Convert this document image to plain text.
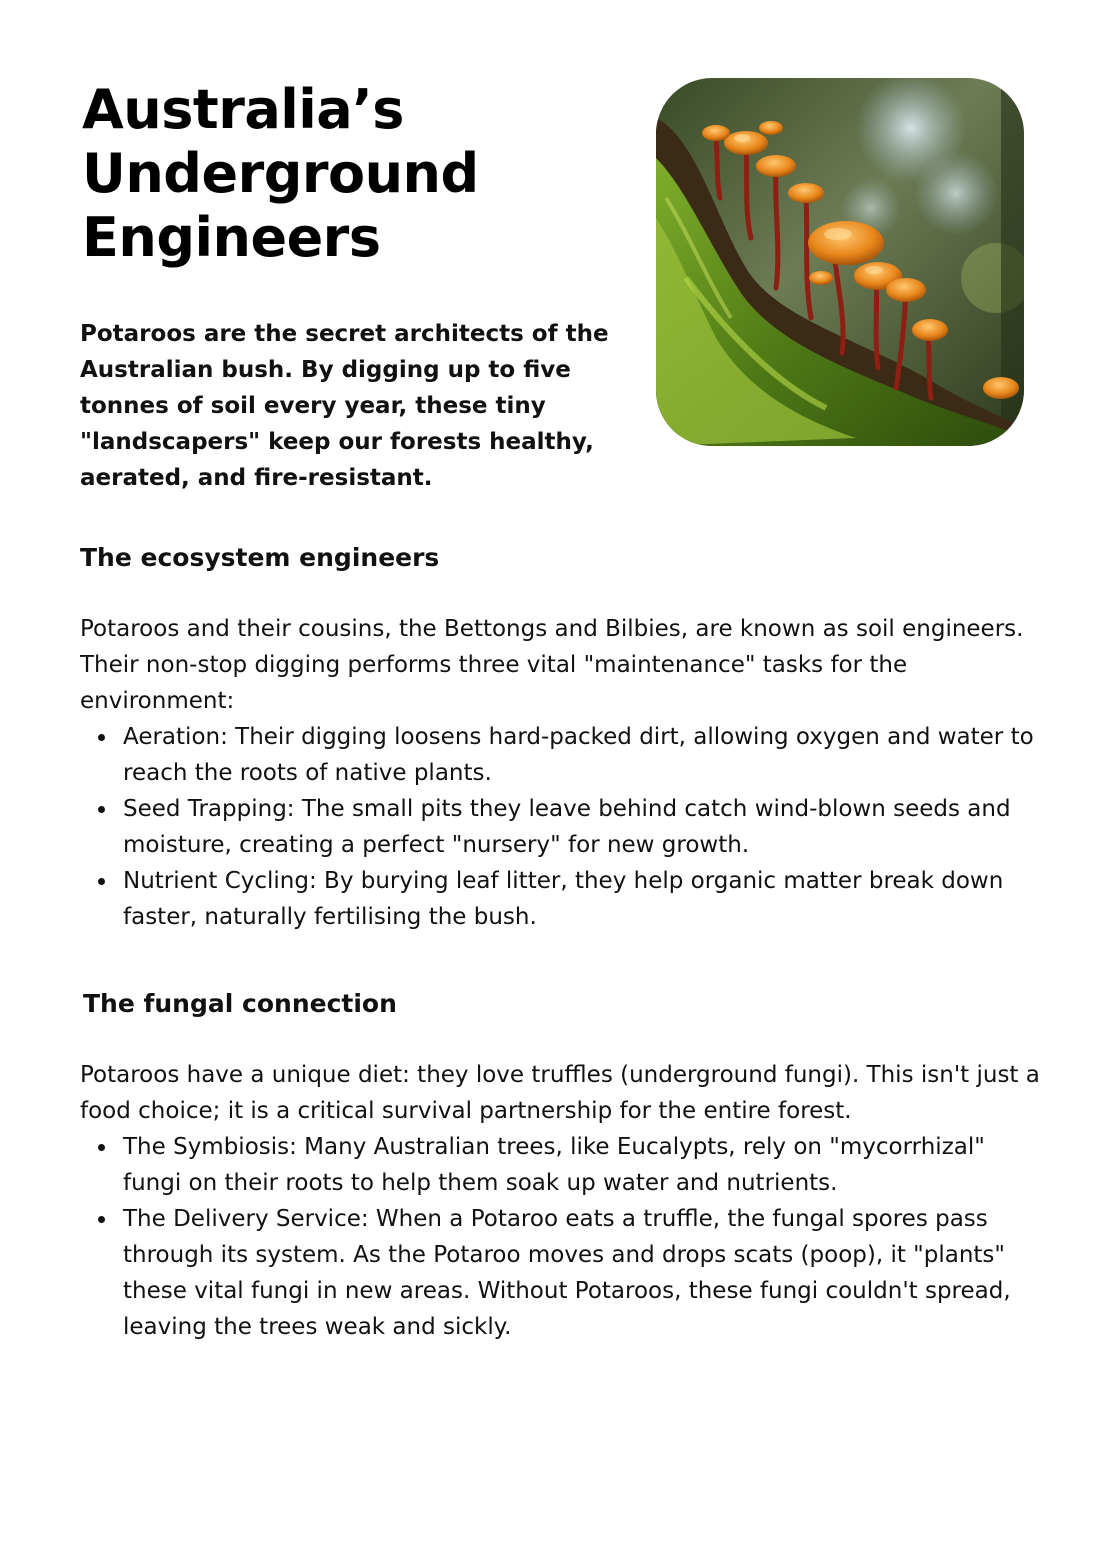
Australia’s
Underground
Engineers

Potaroos are the secret architects of the Australian bush. By digging up to five tonnes of soil every year, these tiny "landscapers" keep our forests healthy, aerated, and fire-resistant.

The ecosystem engineers

Potaroos and their cousins, the Bettongs and Bilbies, are known as soil engineers. Their non-stop digging performs three vital "maintenance" tasks for the environment:

Aeration: Their digging loosens hard-packed dirt, allowing oxygen and water to reach the roots of native plants.
Seed Trapping: The small pits they leave behind catch wind-blown seeds and moisture, creating a perfect "nursery" for new growth.
Nutrient Cycling: By burying leaf litter, they help organic matter break down faster, naturally fertilising the bush.
The fungal connection

Potaroos have a unique diet: they love truffles (underground fungi). This isn't just a food choice; it is a critical survival partnership for the entire forest.

The Symbiosis: Many Australian trees, like Eucalypts, rely on "mycorrhizal" fungi on their roots to help them soak up water and nutrients.
The Delivery Service: When a Potaroo eats a truffle, the fungal spores pass through its system. As the Potaroo moves and drops scats (poop), it "plants" these vital fungi in new areas. Without Potaroos, these fungi couldn't spread, leaving the trees weak and sickly.
